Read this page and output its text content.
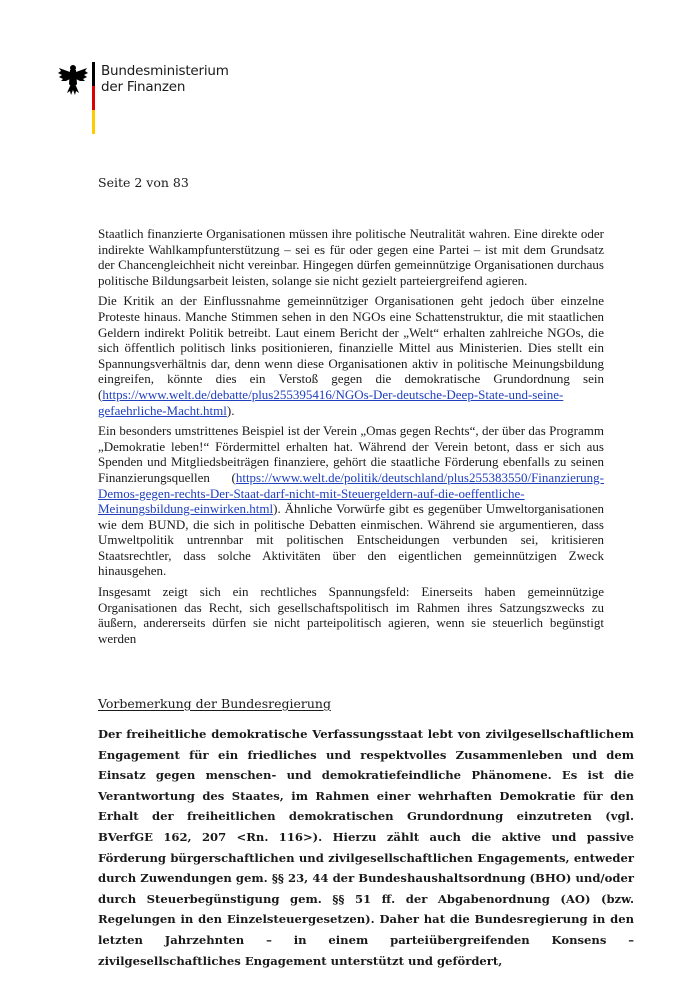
Bundesministerium
der Finanzen
Seite 2 von 83

Staatlich finanzierte Organisationen müssen ihre politische Neutralität wahren. Eine direkte oder indirekte Wahlkampfunterstützung – sei es für oder gegen eine Partei – ist mit dem Grundsatz der Chancengleichheit nicht vereinbar. Hingegen dürfen gemeinnützige Organisationen durchaus politische Bildungsarbeit leisten, solange sie nicht gezielt parteiergreifend agieren.

Die Kritik an der Einflussnahme gemeinnütziger Organisationen geht jedoch über einzelne Proteste hinaus. Manche Stimmen sehen in den NGOs eine Schattenstruktur, die mit staatlichen Geldern indirekt Politik betreibt. Laut einem Bericht der „Welt“ erhalten zahlreiche NGOs, die sich öffentlich politisch links positionieren, finanzielle Mittel aus Ministerien. Dies stellt ein Spannungsverhältnis dar, denn wenn diese Organisationen aktiv in politische Meinungsbildung eingreifen, könnte dies ein Verstoß gegen die demokratische Grundordnung sein (https://www.welt.de/debatte/plus255395416/NGOs-Der-deutsche-Deep-State-und-seine-gefaehrliche-Macht.html).

Ein besonders umstrittenes Beispiel ist der Verein „Omas gegen Rechts“, der über das Programm „Demokratie leben!“ Fördermittel erhalten hat. Während der Verein betont, dass er sich aus Spenden und Mitgliedsbeiträgen finanziere, gehört die staatliche Förderung ebenfalls zu seinen Finanzierungsquellen (https://www.welt.de/politik/deutschland/plus255383550/Finanzierung-Demos-gegen-rechts-Der-Staat-darf-nicht-mit-Steuergeldern-auf-die-oeffentliche-Meinungsbildung-einwirken.html). Ähnliche Vorwürfe gibt es gegenüber Umweltorganisationen wie dem BUND, die sich in politische Debatten einmischen. Während sie argumentieren, dass Umweltpolitik untrennbar mit politischen Entscheidungen verbunden sei, kritisieren Staatsrechtler, dass solche Aktivitäten über den eigentlichen gemeinnützigen Zweck hinausgehen.

Insgesamt zeigt sich ein rechtliches Spannungsfeld: Einerseits haben gemeinnützige Organisationen das Recht, sich gesellschaftspolitisch im Rahmen ihres Satzungszwecks zu äußern, andererseits dürfen sie nicht parteipolitisch agieren, wenn sie steuerlich begünstigt werden

Vorbemerkung der Bundesregierung

Der freiheitliche demokratische Verfassungsstaat lebt von zivilgesellschaftlichem Engagement für ein friedliches und respektvolles Zusammenleben und dem Einsatz gegen menschen- und demokratiefeindliche Phänomene. Es ist die Verantwortung des Staates, im Rahmen einer wehrhaften Demokratie für den Erhalt der freiheitlichen demokratischen Grundordnung einzutreten (vgl. BVerfGE 162, 207 <Rn. 116>). Hierzu zählt auch die aktive und passive Förderung bürgerschaftlichen und zivilgesellschaftlichen Engagements, entweder durch Zuwendungen gem. §§ 23, 44 der Bundeshaushaltsordnung (BHO) und/oder durch Steuerbegünstigung gem. §§ 51 ff. der Abgabenordnung (AO) (bzw. Regelungen in den Einzelsteuergesetzen). Daher hat die Bundesregierung in den letzten Jahrzehnten – in einem parteiübergreifenden Konsens – zivilgesellschaftliches Engagement unterstützt und gefördert,
